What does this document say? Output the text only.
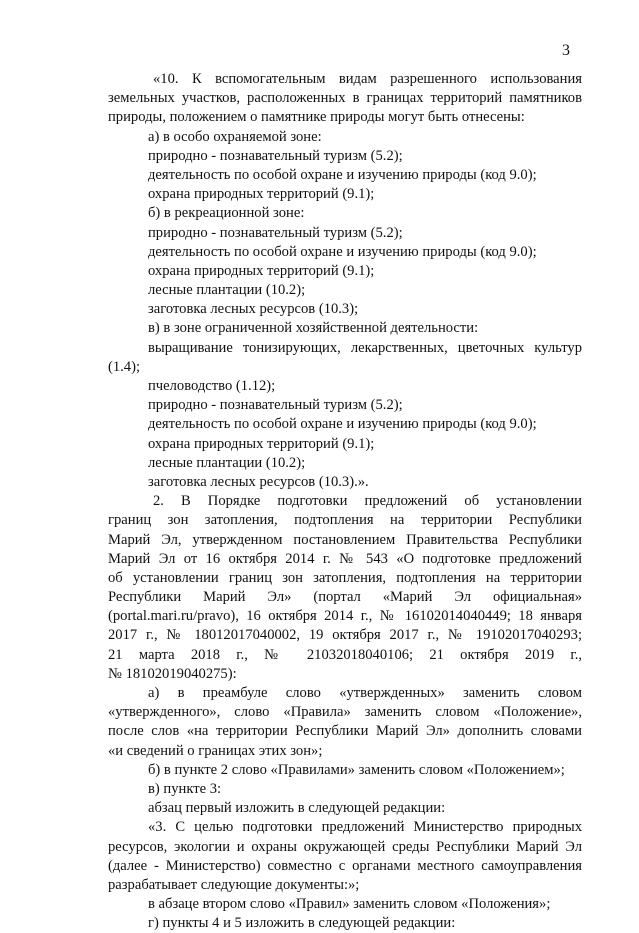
3
«10. К вспомогательным видам разрешенного использования
земельных участков, расположенных в границах территорий памятников
природы, положением о памятнике природы могут быть отнесены:
а) в особо охраняемой зоне:
природно - познавательный туризм (5.2);
деятельность по особой охране и изучению природы (код 9.0);
охрана природных территорий (9.1);
б) в рекреационной зоне:
природно - познавательный туризм (5.2);
деятельность по особой охране и изучению природы (код 9.0);
охрана природных территорий (9.1);
лесные плантации (10.2);
заготовка лесных ресурсов (10.3);
в) в зоне ограниченной хозяйственной деятельности:
выращивание тонизирующих, лекарственных, цветочных культур
(1.4);
пчеловодство (1.12);
природно - познавательный туризм (5.2);
деятельность по особой охране и изучению природы (код 9.0);
охрана природных территорий (9.1);
лесные плантации (10.2);
заготовка лесных ресурсов (10.3).».
2. В Порядке подготовки предложений об установлении
границ зон затопления, подтопления на территории Республики
Марий Эл, утвержденном постановлением Правительства Республики
Марий Эл от 16 октября 2014 г. № 543 «О подготовке предложений
об установлении границ зон затопления, подтопления на территории
Республики Марий Эл» (портал «Марий Эл официальная»
(portal.mari.ru/pravo), 16 октября 2014 г., № 16102014040449; 18 января
2017 г., № 18012017040002, 19 октября 2017 г., № 19102017040293;
21 марта 2018 г., № 21032018040106; 21 октября 2019 г.,
№ 18102019040275):
а) в преамбуле слово «утвержденных» заменить словом
«утвержденного», слово «Правила» заменить словом «Положение»,
после слов «на территории Республики Марий Эл» дополнить словами
«и сведений о границах этих зон»;
б) в пункте 2 слово «Правилами» заменить словом «Положением»;
в) пункте 3:
абзац первый изложить в следующей редакции:
«3. С целью подготовки предложений Министерство природных
ресурсов, экологии и охраны окружающей среды Республики Марий Эл
(далее - Министерство) совместно с органами местного самоуправления
разрабатывает следующие документы:»;
в абзаце втором слово «Правил» заменить словом «Положения»;
г) пункты 4 и 5 изложить в следующей редакции:
